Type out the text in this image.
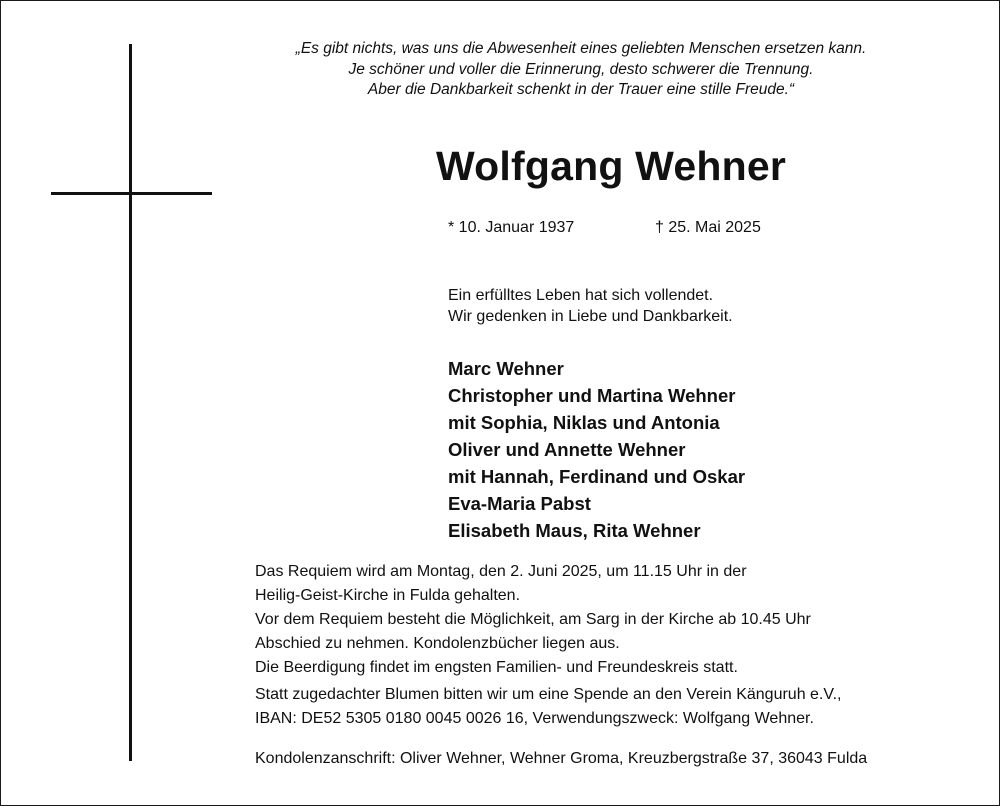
„Es gibt nichts, was uns die Abwesenheit eines geliebten Menschen ersetzen kann.
Je schöner und voller die Erinnerung, desto schwerer die Trennung.
Aber die Dankbarkeit schenkt in der Trauer eine stille Freude.“
Wolfgang Wehner
* 10. Januar 1937	† 25. Mai 2025
Ein erfülltes Leben hat sich vollendet.
Wir gedenken in Liebe und Dankbarkeit.
Marc Wehner
Christopher und Martina Wehner
mit Sophia, Niklas und Antonia
Oliver und Annette Wehner
mit Hannah, Ferdinand und Oskar
Eva-Maria Pabst
Elisabeth Maus, Rita Wehner
Das Requiem wird am Montag, den 2. Juni 2025, um 11.15 Uhr in der
Heilig-Geist-Kirche in Fulda gehalten.
Vor dem Requiem besteht die Möglichkeit, am Sarg in der Kirche ab 10.45 Uhr
Abschied zu nehmen. Kondolenzbücher liegen aus.
Die Beerdigung findet im engsten Familien- und Freundeskreis statt.
Statt zugedachter Blumen bitten wir um eine Spende an den Verein Känguruh e.V.,
IBAN: DE52 5305 0180 0045 0026 16, Verwendungszweck: Wolfgang Wehner.
Kondolenzanschrift: Oliver Wehner, Wehner Groma, Kreuzbergstraße 37, 36043 Fulda
